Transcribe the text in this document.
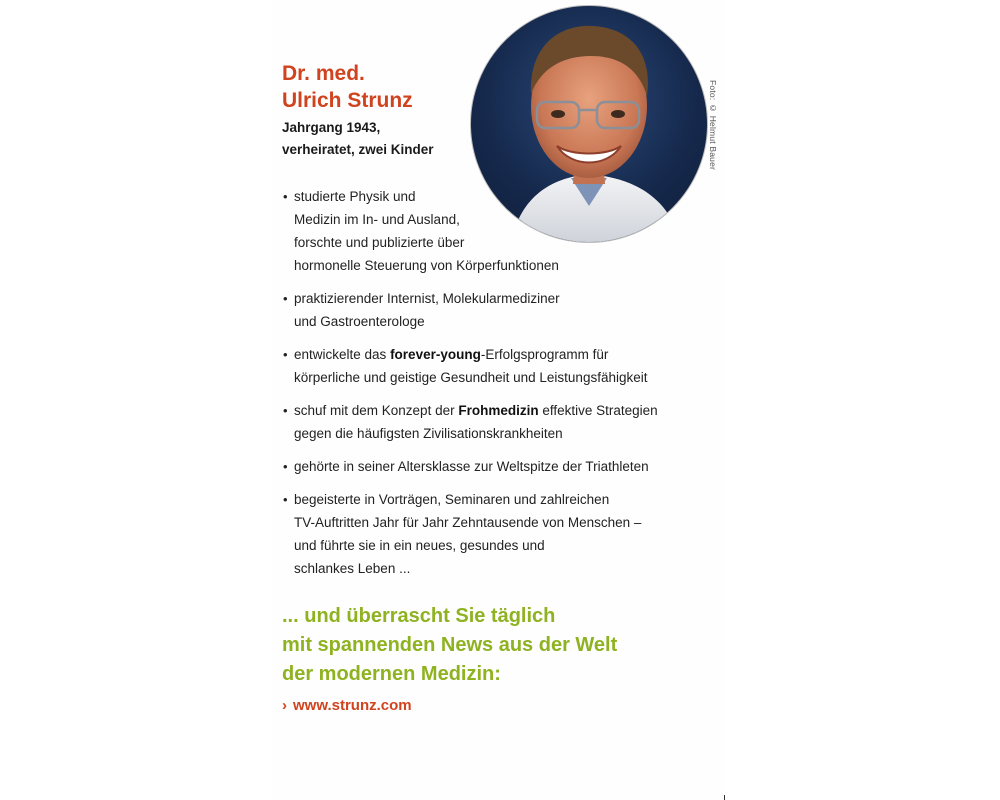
Dr. med.
Ulrich Strunz
Jahrgang 1943,
verheiratet, zwei Kinder	Foto: © Helmut Bauer
• studierte Physik und
Medizin im In- und Ausland,
forschte und publizierte über
hormonelle Steuerung von Körperfunktionen
• praktizierender Internist, Molekularmediziner
und Gastroenterologe
• entwickelte das forever-young-Erfolgsprogramm für
körperliche und geistige Gesundheit und Leistungsfähigkeit
• schuf mit dem Konzept der Frohmedizin effektive Strategien
gegen die häufigsten Zivilisationskrankheiten
• gehörte in seiner Altersklasse zur Weltspitze der Triathleten
• begeisterte in Vorträgen, Seminaren und zahlreichen
TV-Auftritten Jahr für Jahr Zehntausende von Menschen –
und führte sie in ein neues, gesundes und
schlankes Leben ...
... und überrascht Sie täglich
mit spannenden News aus der Welt
der modernen Medizin:
› www.strunz.com
